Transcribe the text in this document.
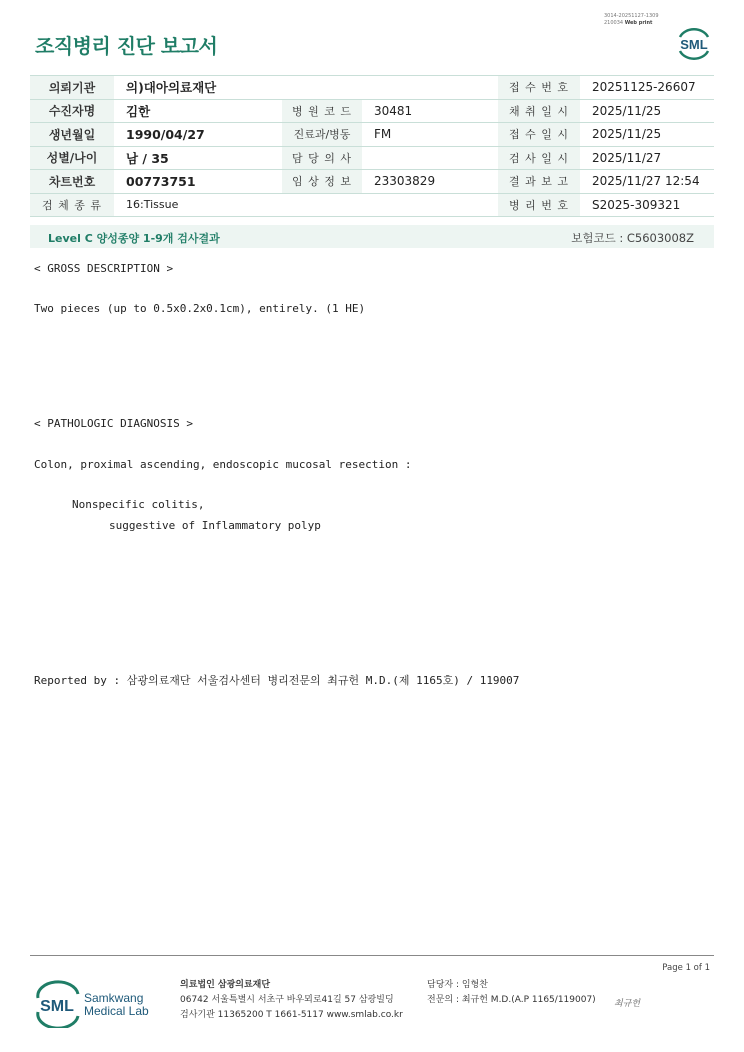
3014-20251127-1309
210034 Web print
조직병리 진단 보고서	SML
의뢰기관	의)대아의료재단			접 수 번 호	20251125-26607
수진자명	김한	병 원 코 드	30481	채 취 일 시	2025/11/25
생년월일	1990/04/27	진료과/병동	FM	접 수 일 시	2025/11/25
성별/나이	남 / 35	담 당 의 사		검 사 일 시	2025/11/27
차트번호	00773751	임 상 정 보	23303829	결 과 보 고	2025/11/27 12:54
검 체 종 류	16:Tissue			병 리 번 호	S2025-309321
Level C 양성종양 1-9개 검사결과	보험코드 : C5603008Z
< GROSS DESCRIPTION >
Two pieces (up to 0.5x0.2x0.1cm), entirely. (1 HE)
< PATHOLOGIC DIAGNOSIS >
Colon, proximal ascending, endoscopic mucosal resection :
Nonspecific colitis,
suggestive of Inflammatory polyp
Reported by : 삼광의료재단 서울검사센터 병리전문의 최규헌 M.D.(제 1165호) / 119007
Page 1 of 1
SML Samkwang
Medical Lab
의료법인 삼광의료재단
06742 서울특별시 서초구 바우뫼로41길 57 삼광빌딩
검사기관 11365200 T 1661-5117 www.smlab.co.kr
담당자 : 임형찬
전문의 : 최규헌 M.D.(A.P 1165/119007) 최규헌
